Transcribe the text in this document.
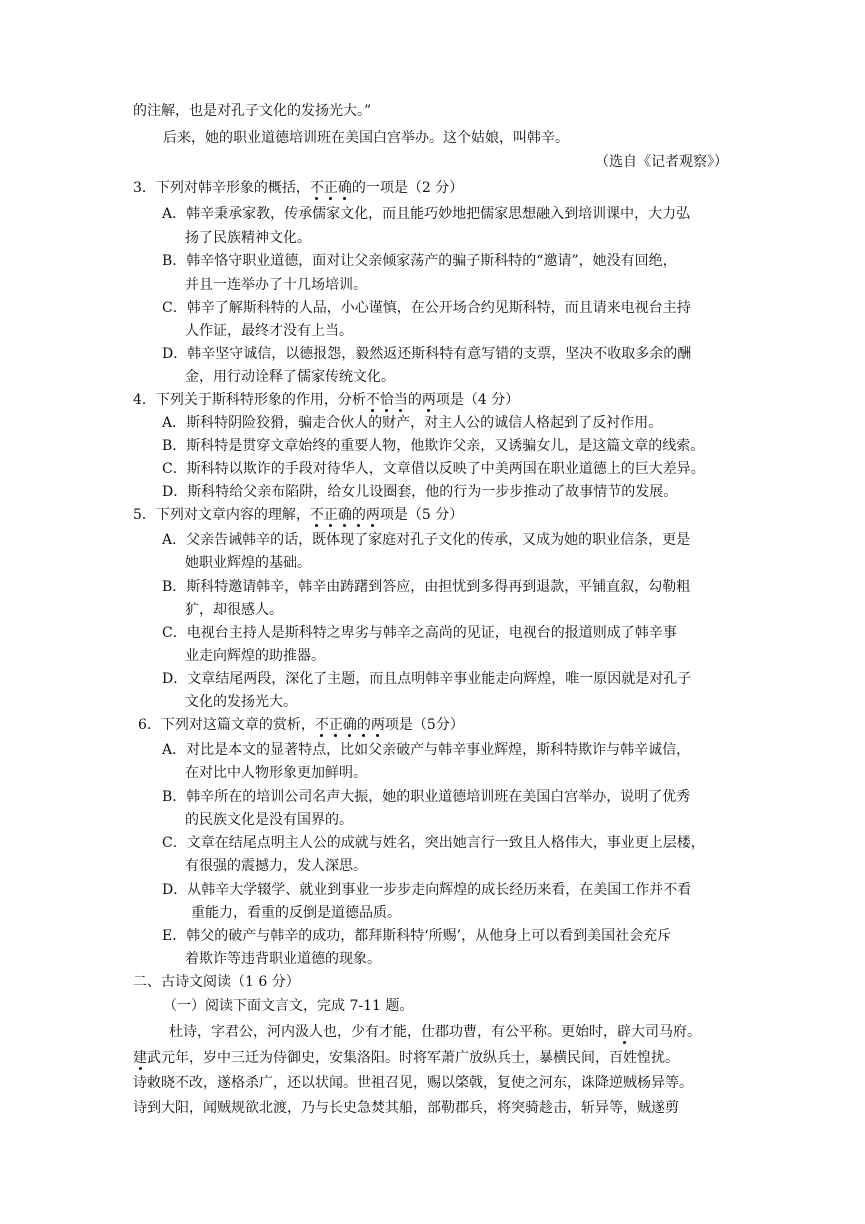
的注解，也是对孔子文化的发扬光大。”
后来，她的职业道德培训班在美国白宫举办。这个姑娘，叫韩辛。
（选自《记者观察》）
3．下列对韩辛形象的概括，不正确的一项是（2 分）
A．韩辛秉承家教，传承儒家文化，而且能巧妙地把儒家思想融入到培训课中，大力弘
扬了民族精神文化。
B．韩辛恪守职业道德，面对让父亲倾家荡产的骗子斯科特的“邀请”，她没有回绝，
并且一连举办了十几场培训。
C．韩辛了解斯科特的人品，小心谨慎，在公开场合约见斯科特，而且请来电视台主持
人作证，最终才没有上当。
D．韩辛坚守诚信，以德报怨，毅然返还斯科特有意写错的支票，坚决不收取多余的酬
金，用行动诠释了儒家传统文化。
4．下列关于斯科特形象的作用，分析不恰当的两项是（4 分）
A．斯科特阴险狡猾，骗走合伙人的财产，对主人公的诚信人格起到了反衬作用。
B．斯科特是贯穿文章始终的重要人物，他欺诈父亲，又诱骗女儿，是这篇文章的线索。
C．斯科特以欺诈的手段对待华人，文章借以反映了中美两国在职业道德上的巨大差异。
D．斯科特给父亲布陷阱，给女儿设圈套，他的行为一步步推动了故事情节的发展。
5．下列对文章内容的理解，不正确的两项是（5 分）
A．父亲告诫韩辛的话，既体现了家庭对孔子文化的传承，又成为她的职业信条，更是
她职业辉煌的基础。
B．斯科特邀请韩辛，韩辛由踌躇到答应，由担忧到多得再到退款，平铺直叙，勾勒粗
犷，却很感人。
C．电视台主持人是斯科特之卑劣与韩辛之高尚的见证，电视台的报道则成了韩辛事
业走向辉煌的助推器。
D．文章结尾两段，深化了主题，而且点明韩辛事业能走向辉煌，唯一原因就是对孔子
文化的发扬光大。
6．下列对这篇文章的赏析，不正确的两项是（5分）
A．对比是本文的显著特点，比如父亲破产与韩辛事业辉煌，斯科特欺诈与韩辛诚信，
在对比中人物形象更加鲜明。
B．韩辛所在的培训公司名声大振，她的职业道德培训班在美国白宫举办，说明了优秀
的民族文化是没有国界的。
C．文章在结尾点明主人公的成就与姓名，突出她言行一致且人格伟大，事业更上层楼，
有很强的震撼力，发人深思。
D．从韩辛大学辍学、就业到事业一步步走向辉煌的成长经历来看，在美国工作并不看
重能力，看重的反倒是道德品质。
E．韩父的破产与韩辛的成功，都拜斯科特‘所赐’，从他身上可以看到美国社会充斥
着欺诈等违背职业道德的现象。
二、古诗文阅读（1 6 分）
（一）阅读下面文言文，完成 7-11 题。
杜诗，字君公，河内汲人也，少有才能，仕郡功曹，有公平称。更始时，辟大司马府。
建武元年，岁中三迁为侍御史，安集洛阳。时将军萧广放纵兵士，暴横民间，百姓惶扰。
诗敕晓不改，遂格杀广，还以状闻。世祖召见，赐以棨戟，复使之河东，诛降逆贼杨异等。
诗到大阳，闻贼规欲北渡，乃与长史急焚其船，部勒郡兵，将突骑趁击，斩异等，贼遂剪
